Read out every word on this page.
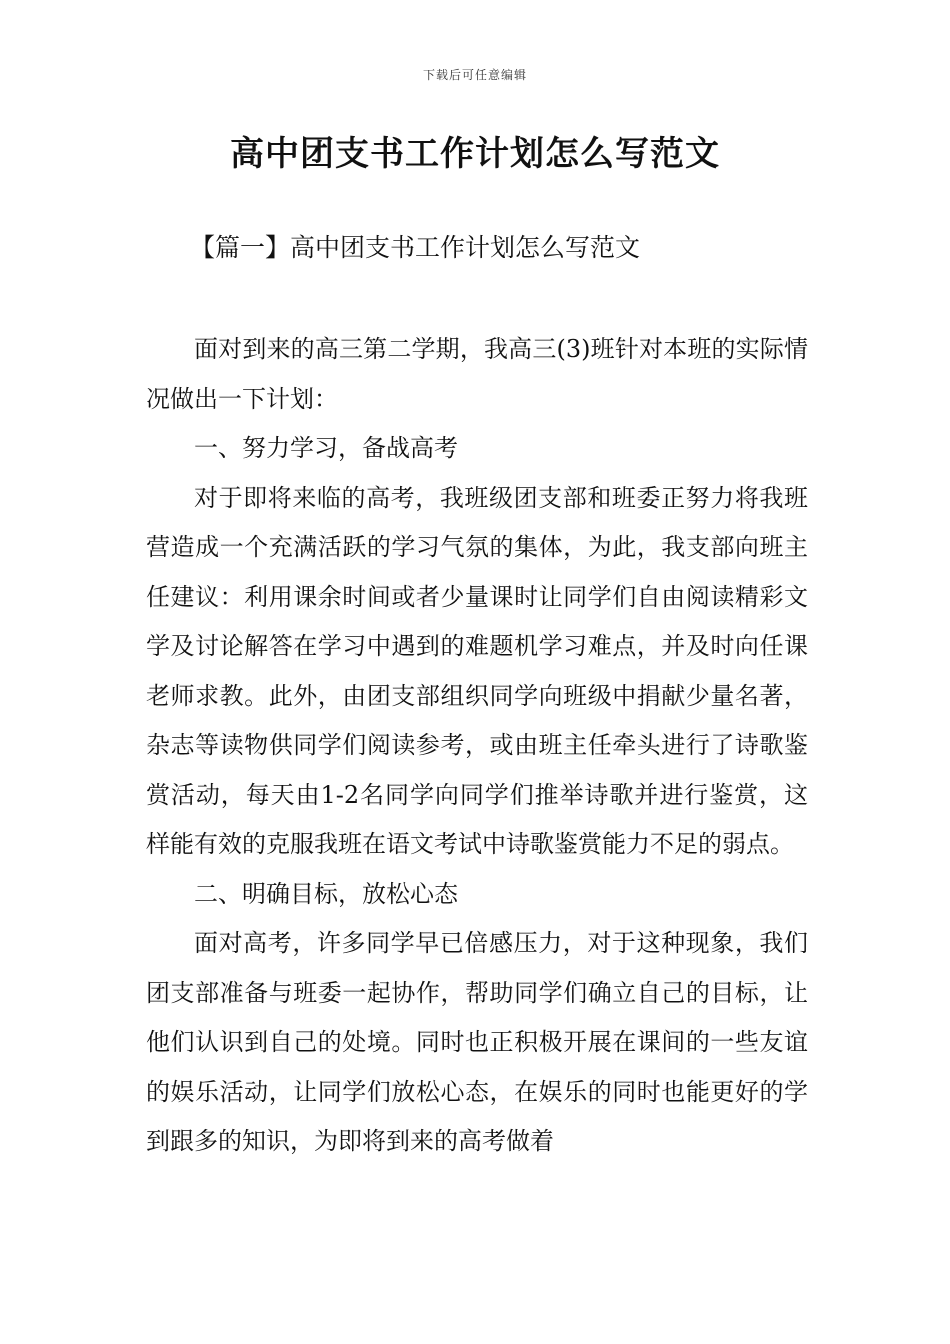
下载后可任意编辑
高中团支书工作计划怎么写范文
【篇一】高中团支书工作计划怎么写范文

面对到来的高三第二学期，我高三(3)班针对本班的实际情况做出一下计划：

一、努力学习，备战高考

对于即将来临的高考，我班级团支部和班委正努力将我班营造成一个充满活跃的学习气氛的集体，为此，我支部向班主任建议：利用课余时间或者少量课时让同学们自由阅读精彩文学及讨论解答在学习中遇到的难题机学习难点，并及时向任课老师求教。此外，由团支部组织同学向班级中捐献少量名著，杂志等读物供同学们阅读参考，或由班主任牵头进行了诗歌鉴赏活动，每天由1-2名同学向同学们推举诗歌并进行鉴赏，这样能有效的克服我班在语文考试中诗歌鉴赏能力不足的弱点。

二、明确目标，放松心态

面对高考，许多同学早已倍感压力，对于这种现象，我们团支部准备与班委一起协作，帮助同学们确立自己的目标，让他们认识到自己的处境。同时也正积极开展在课间的一些友谊的娱乐活动，让同学们放松心态，在娱乐的同时也能更好的学到跟多的知识，为即将到来的高考做着
